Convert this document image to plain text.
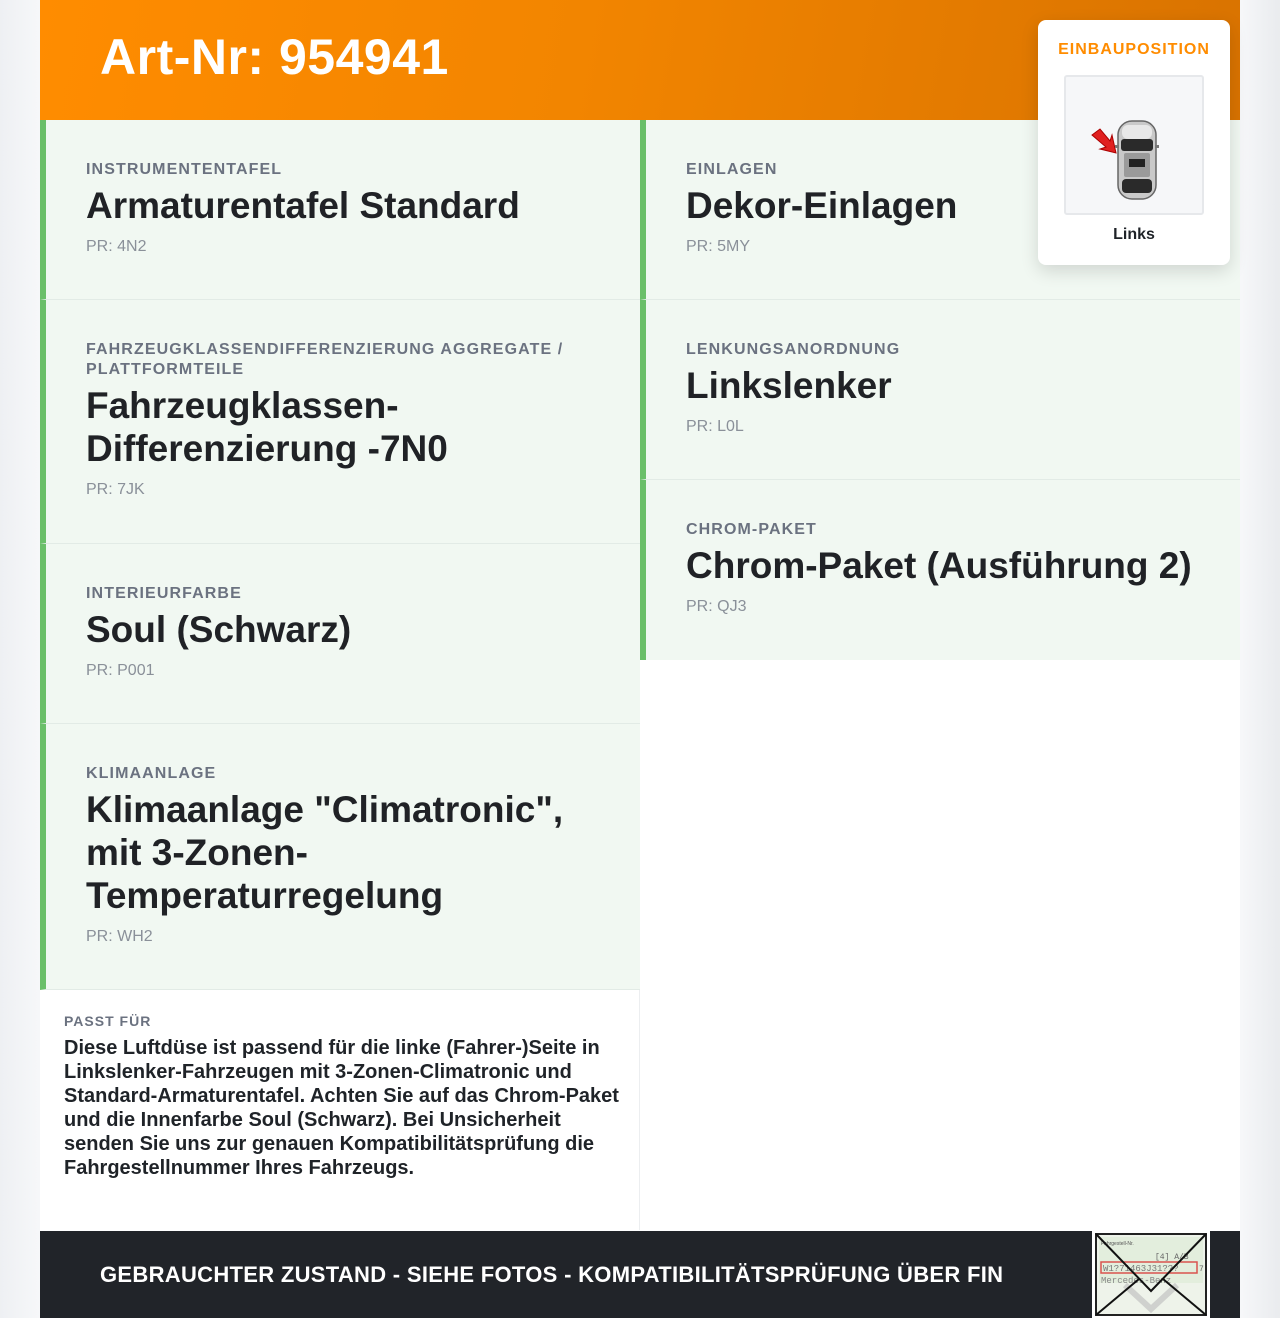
Art-Nr: 954941
INSTRUMENTENTAFEL
Armaturentafel Standard
PR: 4N2
FAHRZEUGKLASSENDIFFERENZIERUNG AGGREGATE / PLATTFORMTEILE
Fahrzeugklassen-Differenzierung -7N0
PR: 7JK
INTERIEURFARBE
Soul (Schwarz)
PR: P001
KLIMAANLAGE
Klimaanlage "Climatronic", mit 3-Zonen-Temperaturregelung
PR: WH2
EINLAGEN
Dekor-Einlagen
PR: 5MY
LENKUNGSANORDNUNG
Linkslenker
PR: L0L
CHROM-PAKET
Chrom-Paket (Ausführung 2)
PR: QJ3
PASST FÜR
Diese Luftdüse ist passend für die linke (Fahrer-)Seite in Linkslenker-Fahrzeugen mit 3-Zonen-Climatronic und Standard-Armaturentafel. Achten Sie auf das Chrom-Paket und die Innenfarbe Soul (Schwarz). Bei Unsicherheit senden Sie uns zur genauen Kompatibilitätsprüfung die Fahrgestellnummer Ihres Fahrzeugs.
GEBRAUCHTER ZUSTAND - SIEHE FOTOS - KOMPATIBILITÄTSPRÜFUNG ÜBER FIN
Fahrgestell-Nr.
[4] A/B
W1?71463J31???	7
Mercedes-Benz
EINBAUPOSITION
Links
